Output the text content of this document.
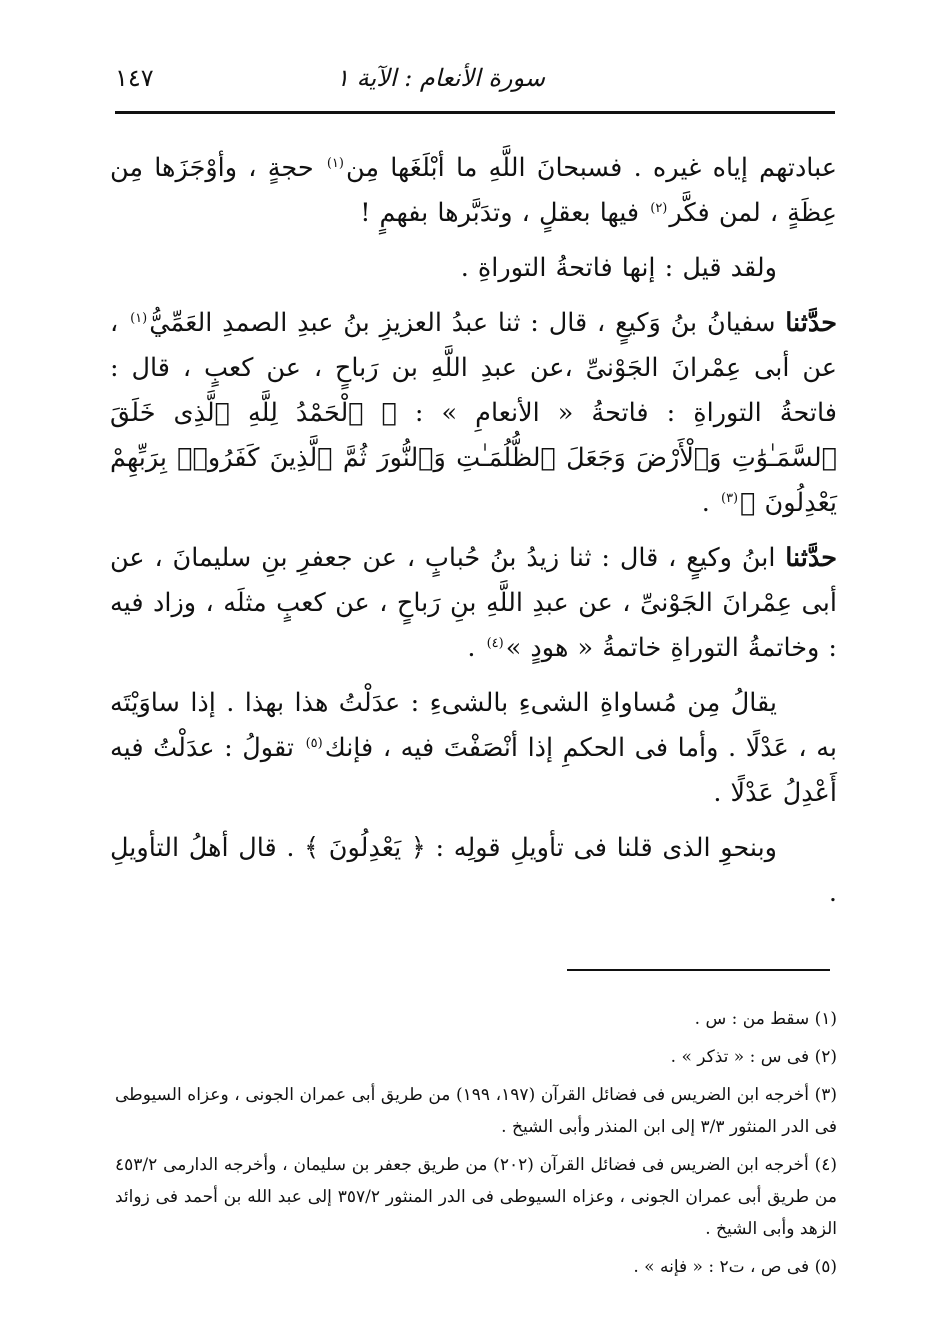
سورة الأنعام : الآية ١
١٤٧

عبادتهم إياه غيره . فسبحانَ اللَّهِ ما أبْلَغَها مِن$^{(١)}$ حجةٍ ، وأوْجَزَها مِن عِظَةٍ ، لمن فكَّر$^{(٢)}$ فيها بعقلٍ ، وتدَبَّرها بفهمٍ !

ولقد قيل : إنها فاتحةُ التوراةِ .

حدَّثنا سفيانُ بنُ وَكيعٍ ، قال : ثنا عبدُ العزيزِ بنُ عبدِ الصمدِ العَمِّيُّ$^{(١)}$ ، عن أبى عِمْرانَ الجَوْنىِّ ،عن عبدِ اللَّهِ بن رَباحٍ ، عن كعبٍ ، قال : فاتحةُ التوراةِ : فاتحةُ « الأنعامِ » : ﴿ ٱلْحَمْدُ لِلَّهِ ٱلَّذِى خَلَقَ ٱلسَّمَـٰوَٰتِ وَٱلْأَرْضَ وَجَعَلَ ٱلظُّلُمَـٰتِ وَٱلنُّورَ ثُمَّ ٱلَّذِينَ كَفَرُوا۟ بِرَبِّهِمْ يَعْدِلُونَ ﴾$^{(٣)}$ .

حدَّثنا ابنُ وكيعٍ ، قال : ثنا زيدُ بنُ حُبابٍ ، عن جعفرِ بنِ سليمانَ ، عن أبى عِمْرانَ الجَوْنىِّ ، عن عبدِ اللَّهِ بنِ رَباحٍ ، عن كعبٍ مثلَه ، وزاد فيه : وخاتمةُ التوراةِ خاتمةُ « هودٍ »$^{(٤)}$ .

يقالُ مِن مُساواةِ الشىءِ بالشىءِ : عدَلْتُ هذا بهذا . إذا ساوَيْتَه به ، عَدْلًا . وأما فى الحكمِ إذا أنْصَفْتَ فيه ، فإنك$^{(٥)}$ تقولُ : عدَلْتُ فيه أَعْدِلُ عَدْلًا .

وبنحوِ الذى قلنا فى تأويلِ قولِه : ﴿ يَعْدِلُونَ ﴾ . قال أهلُ التأويلِ .

(١) سقط من : س .

(٢) فى س : « تذكر » .

(٣) أخرجه ابن الضريس فى فضائل القرآن (١٩٧، ١٩٩) من طريق أبى عمران الجونى ، وعزاه السيوطى فى الدر المنثور ٣/٣ إلى ابن المنذر وأبى الشيخ .

(٤) أخرجه ابن الضريس فى فضائل القرآن (٢٠٢) من طريق جعفر بن سليمان ، وأخرجه الدارمى ٤٥٣/٢ من طريق أبى عمران الجونى ، وعزاه السيوطى فى الدر المنثور ٣٥٧/٢ إلى عبد الله بن أحمد فى زوائد الزهد وأبى الشيخ .

(٥) فى ص ، ت٢ : « فإنه » .
